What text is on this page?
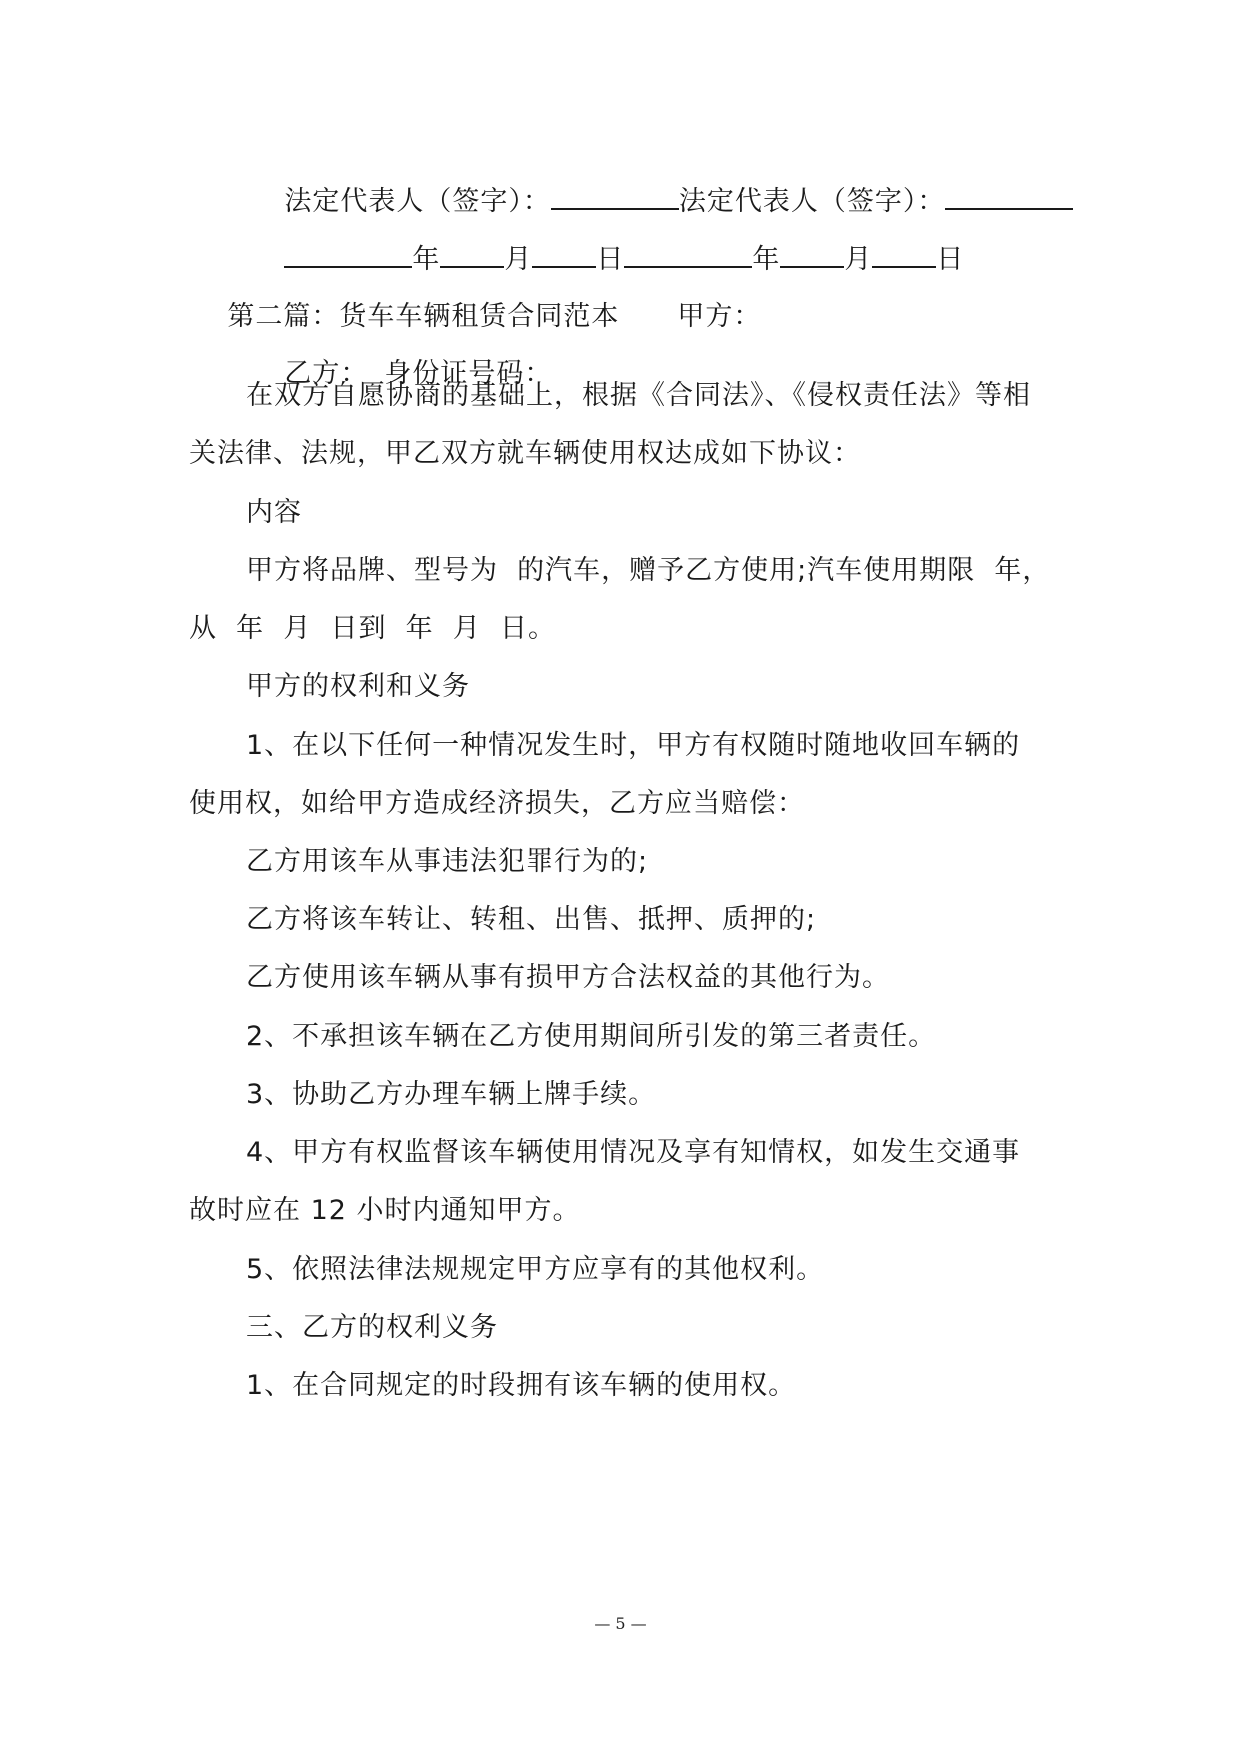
法定代表人（签字）：	法定代表人（签字）：

年 月 日	年 月 日

第二篇：货车车辆租赁合同范本 甲方：

乙方： 身份证号码：

在双方自愿协商的基础上，根据《合同法》、《侵权责任法》等相
关法律、法规，甲乙双方就车辆使用权达成如下协议：
内容
甲方将品牌、型号为  的汽车，赠予乙方使用;汽车使用期限  年，
从  年  月  日到  年  月  日。
甲方的权利和义务
1、在以下任何一种情况发生时，甲方有权随时随地收回车辆的
使用权，如给甲方造成经济损失，乙方应当赔偿：
乙方用该车从事违法犯罪行为的;
乙方将该车转让、转租、出售、抵押、质押的;
乙方使用该车辆从事有损甲方合法权益的其他行为。
2、不承担该车辆在乙方使用期间所引发的第三者责任。
3、协助乙方办理车辆上牌手续。
4、甲方有权监督该车辆使用情况及享有知情权，如发生交通事
故时应在 12 小时内通知甲方。
5、依照法律法规规定甲方应享有的其他权利。
三、乙方的权利义务
1、在合同规定的时段拥有该车辆的使用权。
— 5 —
